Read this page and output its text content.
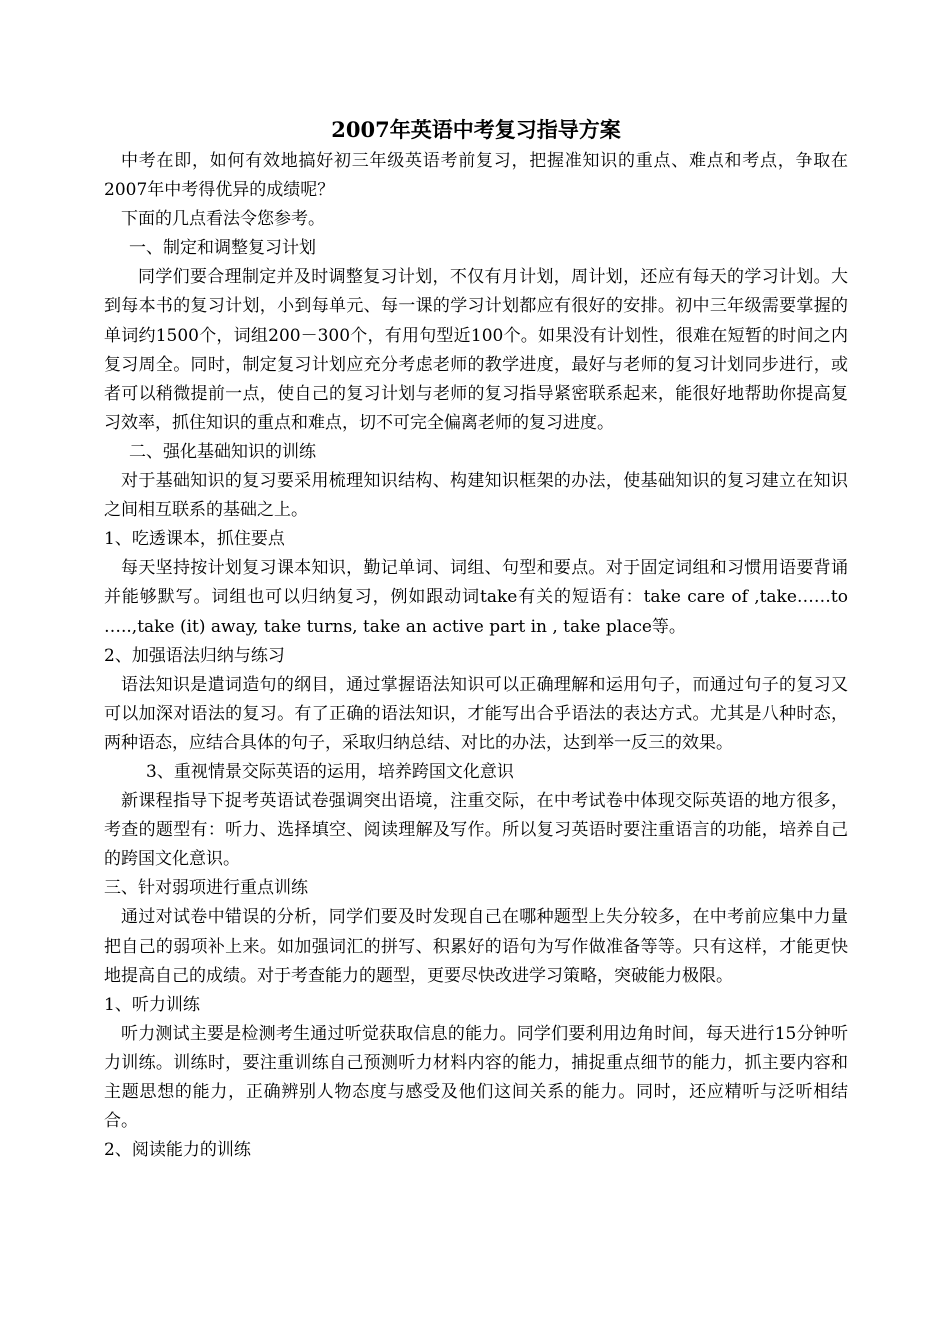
2007年英语中考复习指导方案

中考在即，如何有效地搞好初三年级英语考前复习，把握准知识的重点、难点和考点，争取在2007年中考得优异的成绩呢？

下面的几点看法令您参考。

一、制定和调整复习计划

同学们要合理制定并及时调整复习计划，不仅有月计划，周计划，还应有每天的学习计划。大到每本书的复习计划，小到每单元、每一课的学习计划都应有很好的安排。初中三年级需要掌握的单词约1500个，词组200－300个，有用句型近100个。如果没有计划性，很难在短暂的时间之内复习周全。同时，制定复习计划应充分考虑老师的教学进度，最好与老师的复习计划同步进行，或者可以稍微提前一点，使自己的复习计划与老师的复习指导紧密联系起来，能很好地帮助你提高复习效率，抓住知识的重点和难点，切不可完全偏离老师的复习进度。

二、强化基础知识的训练

对于基础知识的复习要采用梳理知识结构、构建知识框架的办法，使基础知识的复习建立在知识之间相互联系的基础之上。

1、吃透课本，抓住要点

每天坚持按计划复习课本知识，勤记单词、词组、句型和要点。对于固定词组和习惯用语要背诵并能够默写。词组也可以归纳复习，例如跟动词take有关的短语有：take care of ,take……to …..,take (it) away, take turns, take an active part in , take place等。

2、加强语法归纳与练习

语法知识是遣词造句的纲目，通过掌握语法知识可以正确理解和运用句子，而通过句子的复习又可以加深对语法的复习。有了正确的语法知识，才能写出合乎语法的表达方式。尤其是八种时态，两种语态，应结合具体的句子，采取归纳总结、对比的办法，达到举一反三的效果。

3、重视情景交际英语的运用，培养跨国文化意识

新课程指导下捉考英语试卷强调突出语境，注重交际，在中考试卷中体现交际英语的地方很多，考查的题型有：听力、选择填空、阅读理解及写作。所以复习英语时要注重语言的功能，培养自己的跨国文化意识。

三、针对弱项进行重点训练

通过对试卷中错误的分析，同学们要及时发现自己在哪种题型上失分较多，在中考前应集中力量把自己的弱项补上来。如加强词汇的拼写、积累好的语句为写作做准备等等。只有这样，才能更快地提高自己的成绩。对于考查能力的题型，更要尽快改进学习策略，突破能力极限。

1、听力训练

听力测试主要是检测考生通过听觉获取信息的能力。同学们要利用边角时间，每天进行15分钟听力训练。训练时，要注重训练自己预测听力材料内容的能力，捕捉重点细节的能力，抓主要内容和主题思想的能力，正确辨别人物态度与感受及他们这间关系的能力。同时，还应精听与泛听相结合。

2、阅读能力的训练
